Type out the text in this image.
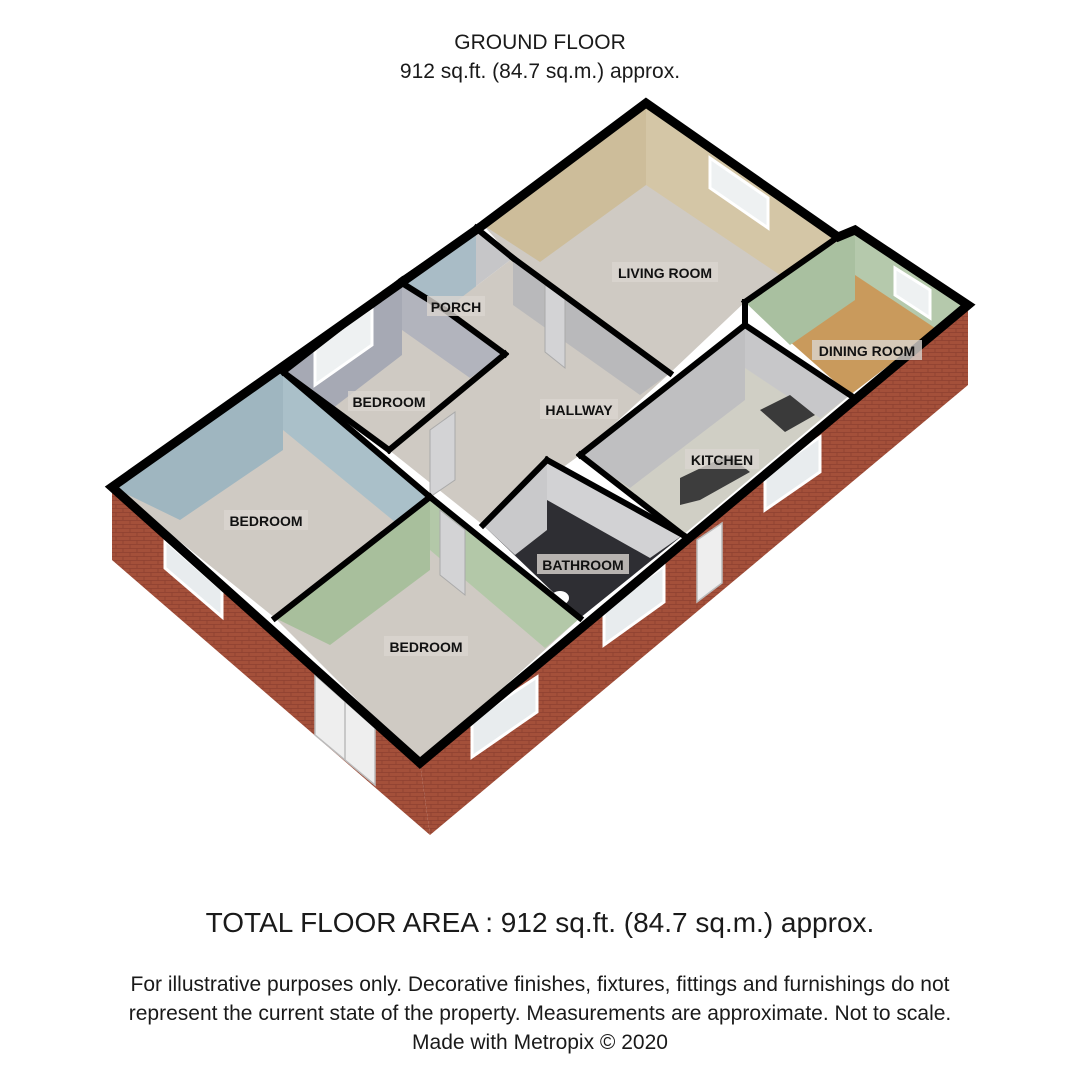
GROUND FLOOR
912 sq.ft. (84.7 sq.m.) approx.
LIVING ROOM
PORCH
BEDROOM	HALLWAY
DINING ROOM
KITCHEN
BEDROOM
BATHROOM
BEDROOM
TOTAL FLOOR AREA : 912 sq.ft. (84.7 sq.m.) approx.
For illustrative purposes only. Decorative finishes, fixtures, fittings and furnishings do not
represent the current state of the property. Measurements are approximate. Not to scale.
Made with Metropix © 2020
